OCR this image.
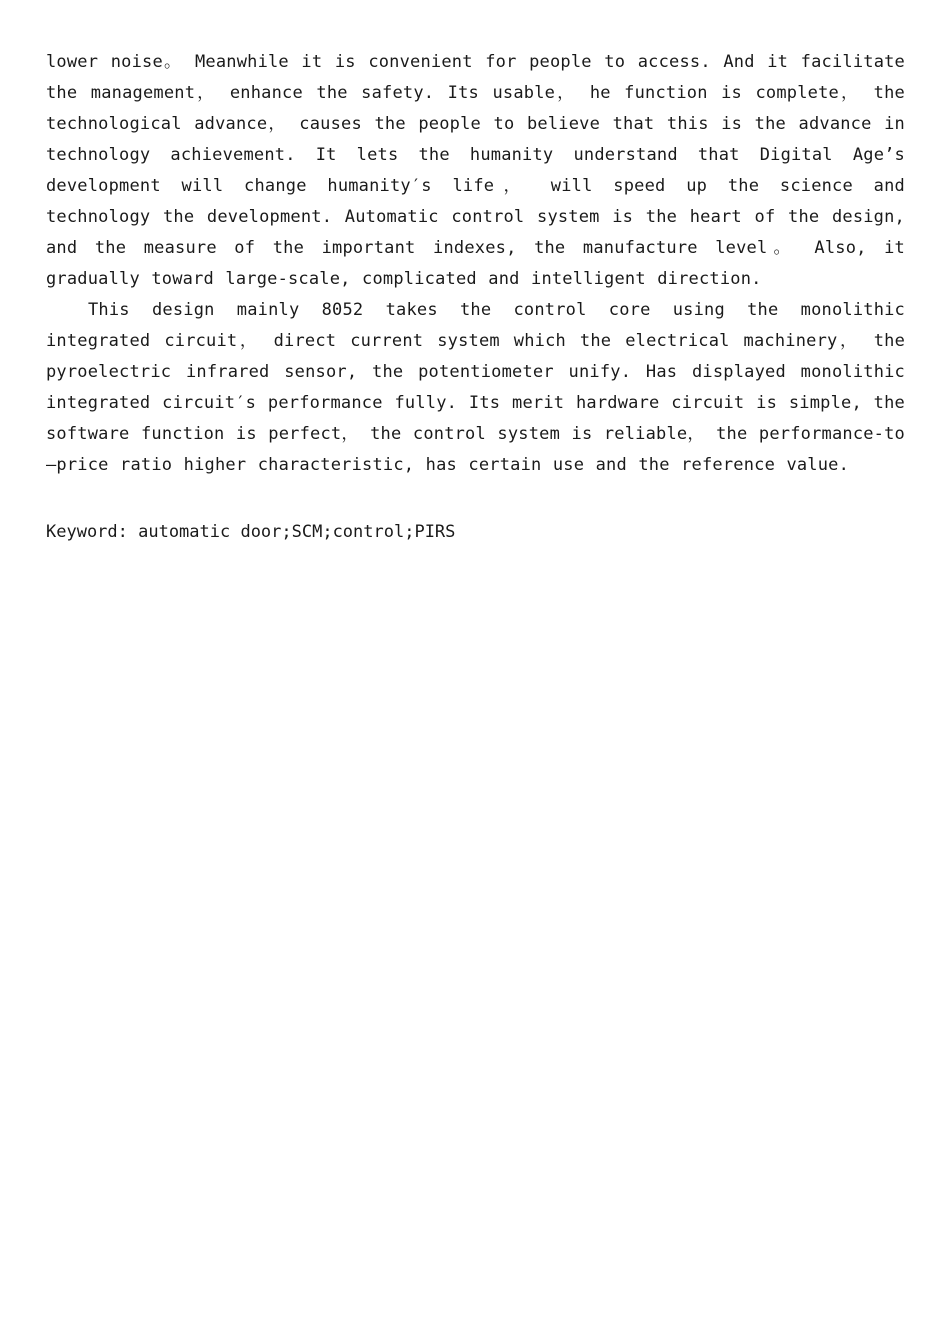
lower noise。 Meanwhile it is convenient for people to access. And it facilitate the management， enhance the safety. Its usable， he function is complete， the technological advance， causes the people to believe that this is the advance in technology achievement. It lets the humanity understand that Digital Age’s development will change humanity′s life， will speed up the science and technology the development. Automatic control system is the heart of the design, and the measure of the important indexes, the manufacture level。 Also, it gradually toward large-scale, complicated and intelligent direction.

This design mainly 8052 takes the control core using the monolithic integrated circuit， direct current system which the electrical machinery， the pyroelectric infrared sensor, the potentiometer unify. Has displayed monolithic integrated circuit′s performance fully. Its merit hardware circuit is simple, the software function is perfect， the control system is reliable， the performance-to—price ratio higher characteristic, has certain use and the reference value.

Keyword: automatic door;SCM;control;PIRS
